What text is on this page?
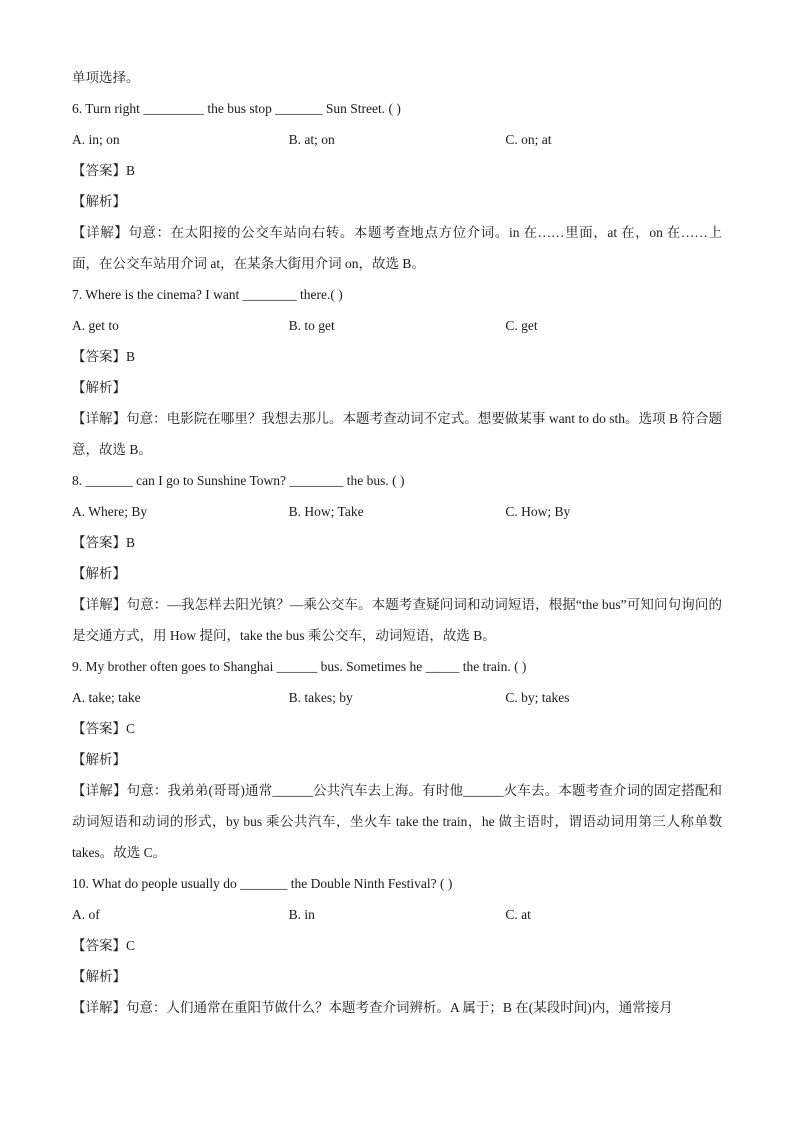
单项选择。
6. Turn right _________ the bus stop _______ Sun Street. ( )
A. in; on	B. at; on	C. on; at
【答案】B
【解析】
【详解】句意：在太阳接的公交车站向右转。本题考查地点方位介词。in 在……里面，at 在，on 在……上面，在公交车站用介词 at，在某条大街用介词 on，故选 B。
7. Where is the cinema? I want ________ there.( )
A. get to	B. to get	C. get
【答案】B
【解析】
【详解】句意：电影院在哪里？我想去那儿。本题考查动词不定式。想要做某事 want to do sth。选项 B 符合题意，故选 B。
8. _______ can I go to Sunshine Town? ________ the bus. ( )
A. Where; By	B. How; Take	C. How; By
【答案】B
【解析】
【详解】句意：—我怎样去阳光镇？—乘公交车。本题考查疑问词和动词短语，根据“the bus”可知问句询问的是交通方式，用 How 提问，take the bus 乘公交车，动词短语，故选 B。
9. My brother often goes to Shanghai ______ bus. Sometimes he _____ the train. ( )
A. take; take	B. takes; by	C. by; takes
【答案】C
【解析】
【详解】句意：我弟弟(哥哥)通常______公共汽车去上海。有时他______火车去。本题考查介词的固定搭配和动词短语和动词的形式，by bus 乘公共汽车，坐火车 take the train，he 做主语时，谓语动词用第三人称单数 takes。故选 C。
10. What do people usually do _______ the Double Ninth Festival? ( )
A. of	B. in	C. at
【答案】C
【解析】
【详解】句意：人们通常在重阳节做什么？本题考查介词辨析。A 属于；B 在(某段时间)内，通常接月
